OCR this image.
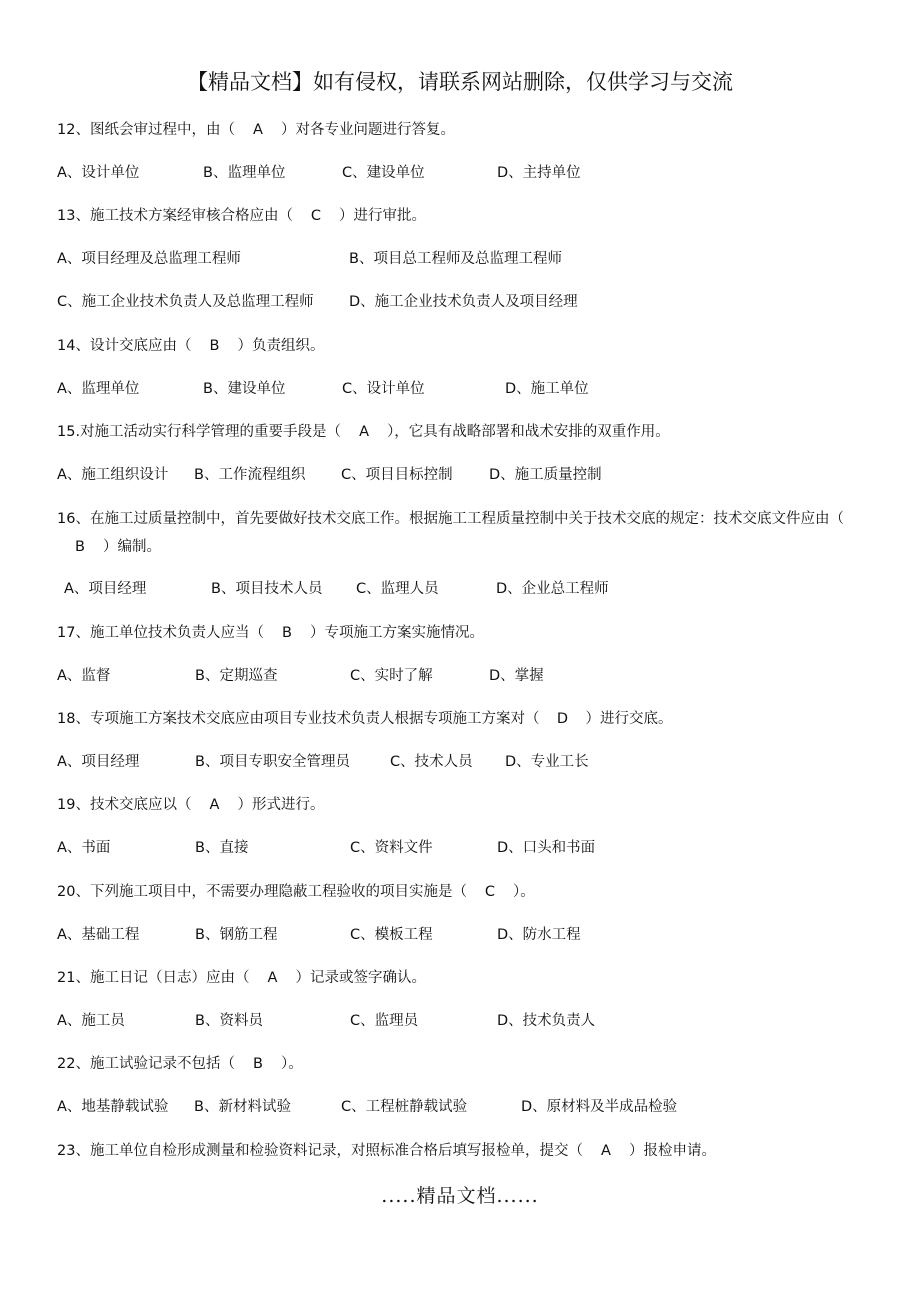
【精品文档】如有侵权，请联系网站删除，仅供学习与交流
12、图纸会审过程中，由（ A ）对各专业问题进行答复。
A、设计单位	B、监理单位	C、建设单位	D、主持单位
13、施工技术方案经审核合格应由（ C ）进行审批。
A、项目经理及总监理工程师	B、项目总工程师及总监理工程师
C、施工企业技术负责人及总监理工程师 D、施工企业技术负责人及项目经理
14、设计交底应由（ B ）负责组织。
A、监理单位	B、建设单位	C、设计单位	D、施工单位
15.对施工活动实行科学管理的重要手段是（ A ），它具有战略部署和战术安排的双重作用。
A、施工组织设计 B、工作流程组织 C、项目目标控制	D、施工质量控制
16、在施工过质量控制中，首先要做好技术交底工作。根据施工工程质量控制中关于技术交底的规定：技术交底文件应由（B ）编制。
A、项目经理	B、项目技术人员 C、监理人员	D、企业总工程师
17、施工单位技术负责人应当（ B ）专项施工方案实施情况。
A、监督	B、定期巡查	C、实时了解	D、掌握
18、专项施工方案技术交底应由项目专业技术负责人根据专项施工方案对（ D ）进行交底。
A、项目经理	B、项目专职安全管理员	C、技术人员 D、专业工长
19、技术交底应以（ A ）形式进行。
A、书面	B、直接	C、资料文件	D、口头和书面
20、下列施工项目中，不需要办理隐蔽工程验收的项目实施是（ C ）。
A、基础工程	B、钢筋工程	C、模板工程	D、防水工程
21、施工日记（日志）应由（ A ）记录或签字确认。
A、施工员	B、资料员	C、监理员	D、技术负责人
22、施工试验记录不包括（ B ）。
A、地基静载试验 B、新材料试验	C、工程桩静载试验	D、原材料及半成品检验
23、施工单位自检形成测量和检验资料记录，对照标准合格后填写报检单，提交（ A ）报检申请。
.....精品文档......
